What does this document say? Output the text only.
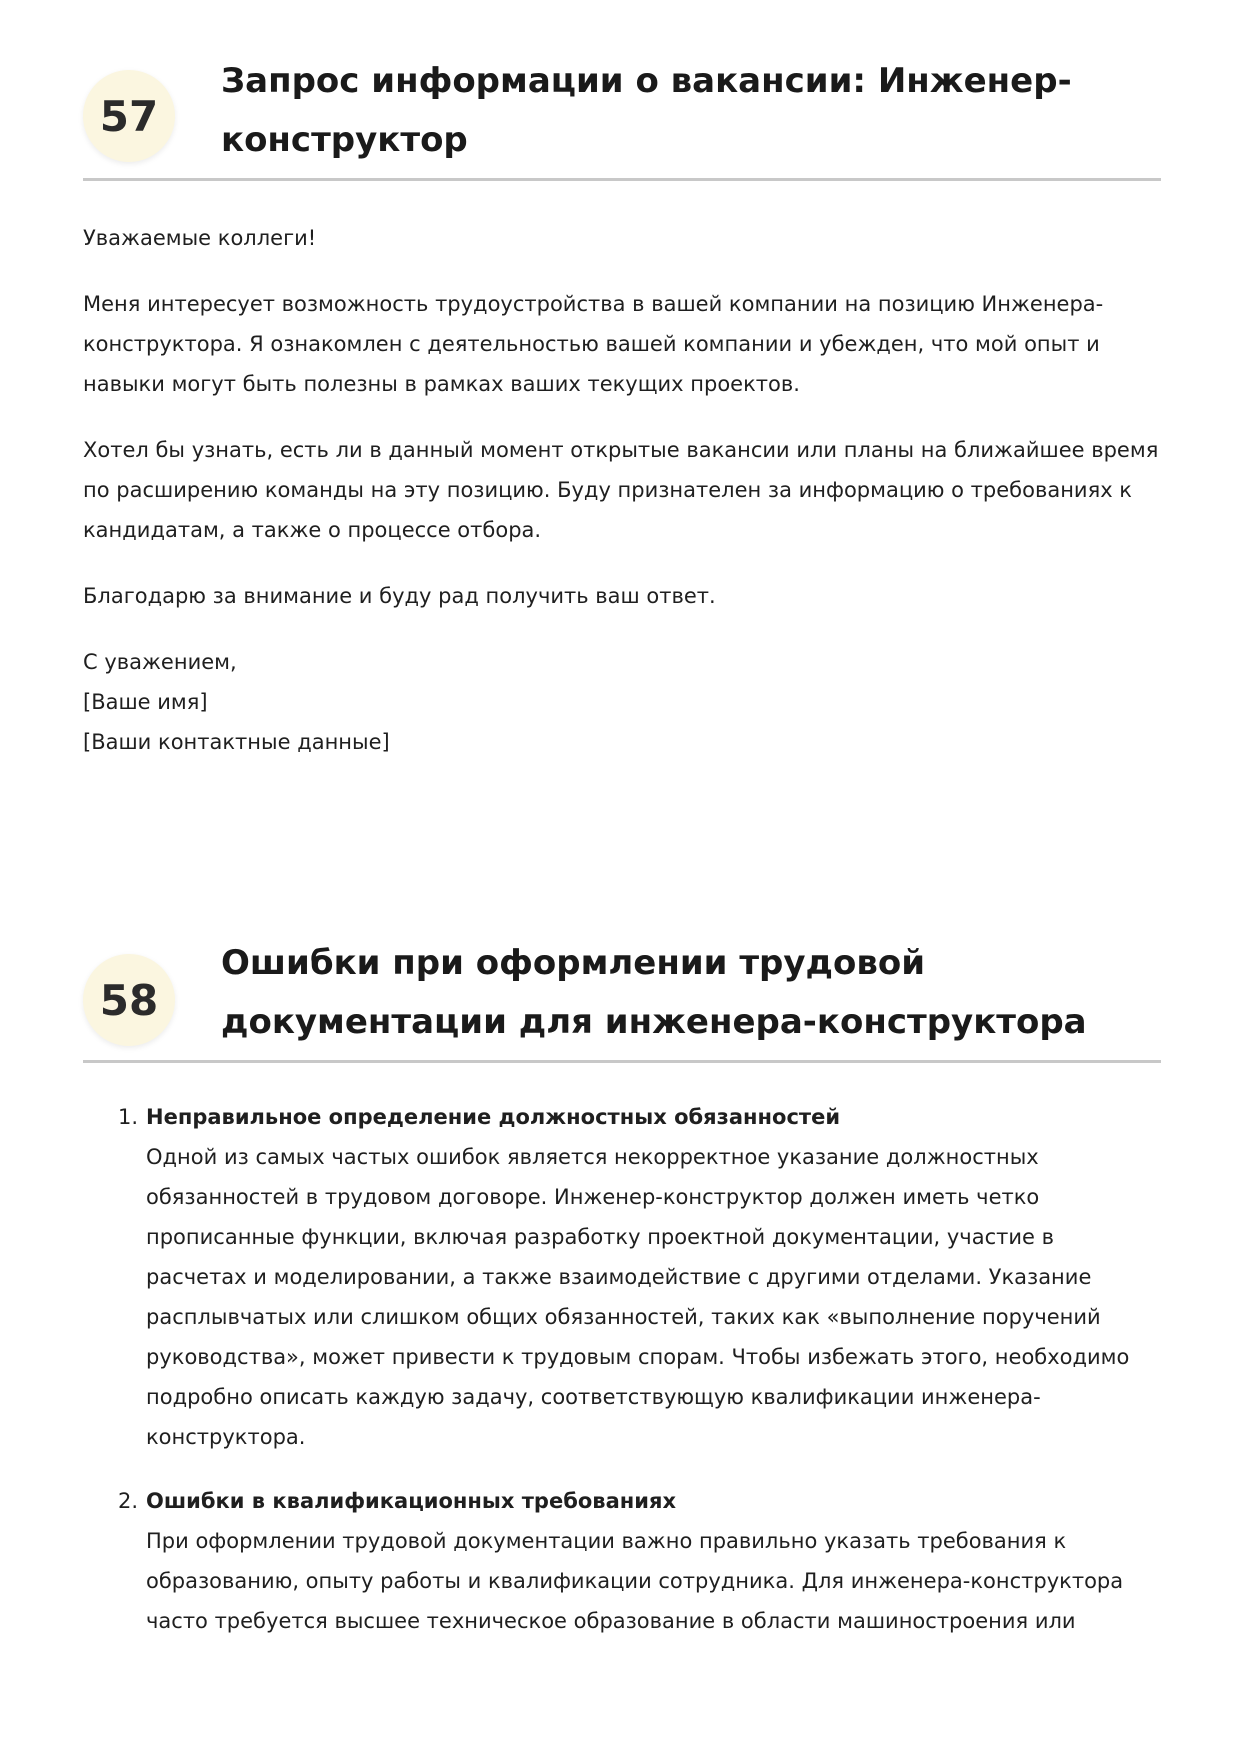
57
Запрос информации о вакансии: Инженер-конструктор

Уважаемые коллеги!

Меня интересует возможность трудоустройства в вашей компании на позицию Инженера-конструктора. Я ознакомлен с деятельностью вашей компании и убежден, что мой опыт и навыки могут быть полезны в рамках ваших текущих проектов.

Хотел бы узнать, есть ли в данный момент открытые вакансии или планы на ближайшее время по расширению команды на эту позицию. Буду признателен за информацию о требованиях к кандидатам, а также о процессе отбора.

Благодарю за внимание и буду рад получить ваш ответ.

С уважением,

[Ваше имя]

[Ваши контактные данные]

58
Ошибки при оформлении трудовой документации для инженера-конструктора
1. Неправильное определение должностных обязанностей
Одной из самых частых ошибок является некорректное указание должностных обязанностей в трудовом договоре. Инженер-конструктор должен иметь четко прописанные функции, включая разработку проектной документации, участие в расчетах и моделировании, а также взаимодействие с другими отделами. Указание расплывчатых или слишком общих обязанностей, таких как «выполнение поручений руководства», может привести к трудовым спорам. Чтобы избежать этого, необходимо подробно описать каждую задачу, соответствующую квалификации инженера-конструктора.
2. Ошибки в квалификационных требованиях
При оформлении трудовой документации важно правильно указать требования к образованию, опыту работы и квалификации сотрудника. Для инженера-конструктора часто требуется высшее техническое образование в области машиностроения или
